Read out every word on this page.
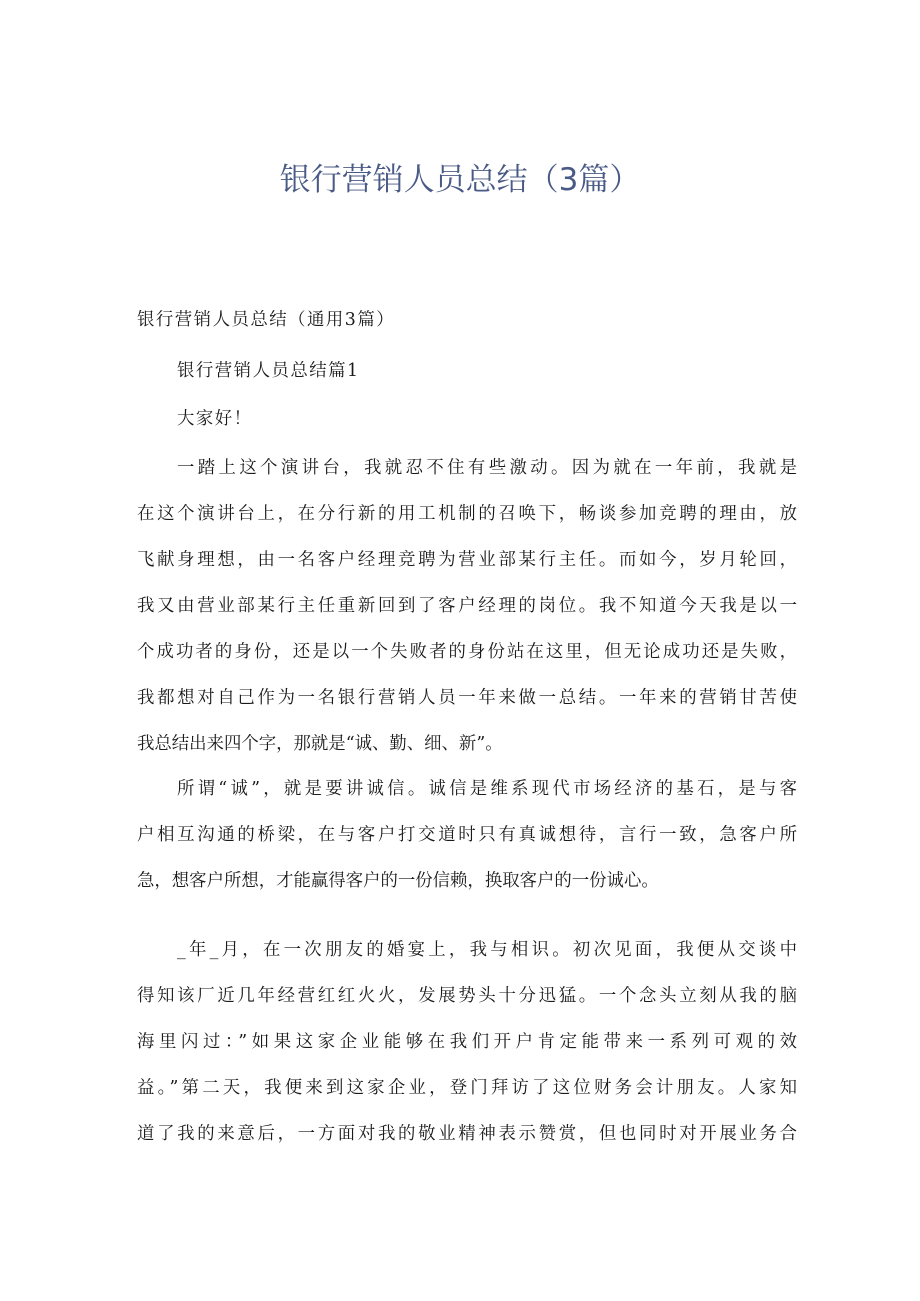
银行营销人员总结（3篇）

银行营销人员总结（通用3篇）

银行营销人员总结篇1

大家好！

一踏上这个演讲台，我就忍不住有些激动。因为就在一年前，我就是

在这个演讲台上，在分行新的用工机制的召唤下，畅谈参加竞聘的理由，放

飞献身理想，由一名客户经理竞聘为营业部某行主任。而如今，岁月轮回，

我又由营业部某行主任重新回到了客户经理的岗位。我不知道今天我是以一

个成功者的身份，还是以一个失败者的身份站在这里，但无论成功还是失败，

我都想对自己作为一名银行营销人员一年来做一总结。一年来的营销甘苦使

我总结出来四个字，那就是“诚、勤、细、新”。

所谓“诚”，就是要讲诚信。诚信是维系现代市场经济的基石，是与客

户相互沟通的桥梁，在与客户打交道时只有真诚想待，言行一致，急客户所

急，想客户所想，才能赢得客户的一份信赖，换取客户的一份诚心。

_年_月，在一次朋友的婚宴上，我与相识。初次见面，我便从交谈中

得知该厂近几年经营红红火火，发展势头十分迅猛。一个念头立刻从我的脑

海里闪过：”如果这家企业能够在我们开户肯定能带来一系列可观的效

益。”第二天，我便来到这家企业，登门拜访了这位财务会计朋友。人家知

道了我的来意后，一方面对我的敬业精神表示赞赏，但也同时对开展业务合
